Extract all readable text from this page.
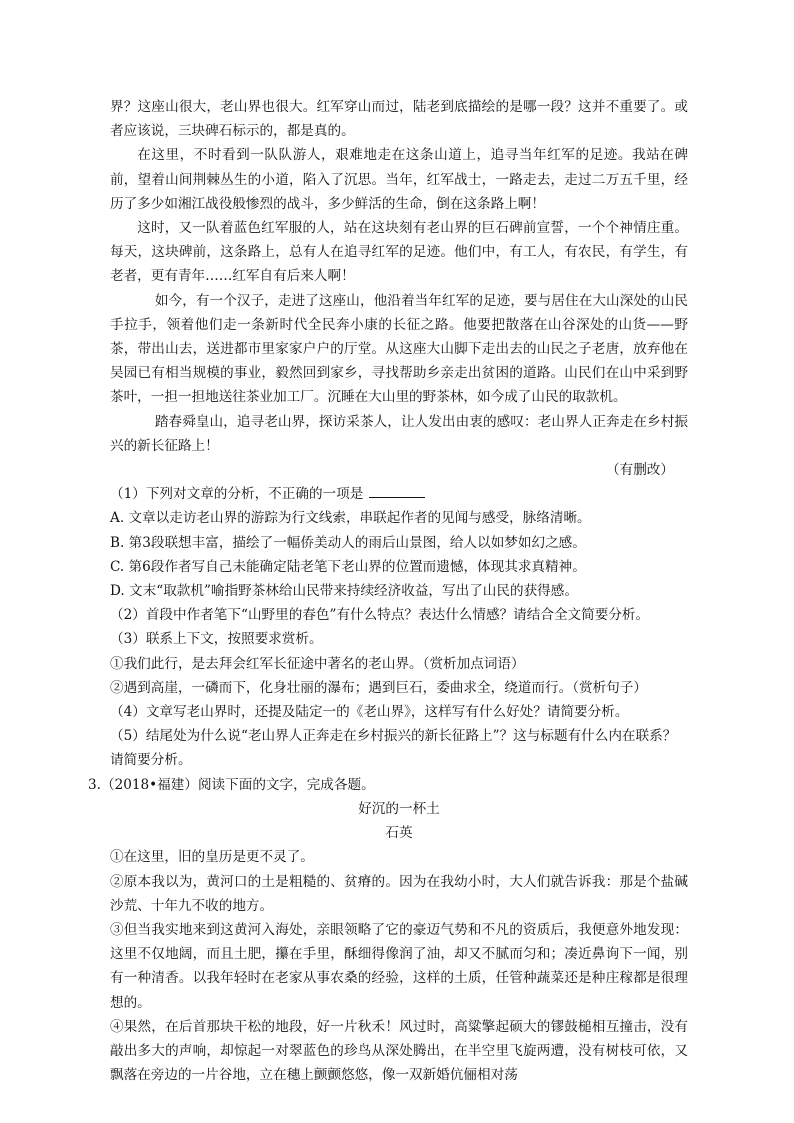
界？这座山很大，老山界也很大。红军穿山而过，陆老到底描绘的是哪一段？这并不重要了。或者应该说，三块碑石标示的，都是真的。

在这里，不时看到一队队游人，艰难地走在这条山道上，追寻当年红军的足迹。我站在碑前，望着山间荆棘丛生的小道，陷入了沉思。当年，红军战士，一路走去，走过二万五千里，经历了多少如湘江战役般惨烈的战斗，多少鲜活的生命，倒在这条路上啊！

这时，又一队着蓝色红军服的人，站在这块刻有老山界的巨石碑前宣誓，一个个神情庄重。每天，这块碑前，这条路上，总有人在追寻红军的足迹。他们中，有工人，有农民，有学生，有老者，更有青年……红军自有后来人啊！

如今，有一个汉子，走进了这座山，他沿着当年红军的足迹，要与居住在大山深处的山民手拉手，领着他们走一条新时代全民奔小康的长征之路。他要把散落在山谷深处的山货——野茶，带出山去，送进都市里家家户户的厅堂。从这座大山脚下走出去的山民之子老唐，放弃他在吴园已有相当规模的事业，毅然回到家乡，寻找帮助乡亲走出贫困的道路。山民们在山中采到野茶叶，一担一担地送往茶业加工厂。沉睡在大山里的野茶林，如今成了山民的取款机。

踏春舜皇山，追寻老山界，探访采茶人，让人发出由衷的感叹：老山界人正奔走在乡村振兴的新长征路上！

（有删改）

（1）下列对文章的分析，不正确的一项是

A. 文章以走访老山界的游踪为行文线索，串联起作者的见闻与感受，脉络清晰。

B. 第3段联想丰富，描绘了一幅侨美动人的雨后山景图，给人以如梦如幻之感。

C. 第6段作者写自己未能确定陆老笔下老山界的位置而遗憾，体现其求真精神。

D. 文末“取款机”喻指野茶林给山民带来持续经济收益，写出了山民的获得感。

（2）首段中作者笔下“山野里的春色”有什么特点？表达什么情感？请结合全文简要分析。

（3）联系上下文，按照要求赏析。

①我们此行，是去拜会红军长征途中著名的老山界。（赏析加点词语）

②遇到高崖，一磷而下，化身壮丽的瀑布；遇到巨石，委曲求全，绕道而行。（赏析句子）

（4）文章写老山界时，还提及陆定一的《老山界》，这样写有什么好处？请简要分析。

（5）结尾处为什么说“老山界人正奔走在乡村振兴的新长征路上”？这与标题有什么内在联系？请简要分析。

3.（2018•福建）阅读下面的文字，完成各题。

好沉的一杯土

石英

①在这里，旧的皇历是更不灵了。

②原本我以为，黄河口的土是粗糙的、贫瘠的。因为在我幼小时，大人们就告诉我：那是个盐碱沙荒、十年九不收的地方。

③但当我实地来到这黄河入海处，亲眼领略了它的豪迈气势和不凡的资质后，我便意外地发现：这里不仅地阔，而且土肥，攥在手里，酥细得像润了油，却又不腻而匀和；凑近鼻询下一闻，别有一种清香。以我年轻时在老家从事农桑的经验，这样的土质，任管种蔬菜还是种庄稼都是很理想的。

④果然，在后首那块干松的地段，好一片秋禾！风过时，高粱擎起硕大的镠鼓槌相互撞击，没有敲出多大的声响，却惊起一对翠蓝色的珍鸟从深处腾出，在半空里飞旋两遭，没有树枝可依，又飘落在旁边的一片谷地，立在穗上颤颤悠悠，像一双新婚伉俪相对荡
